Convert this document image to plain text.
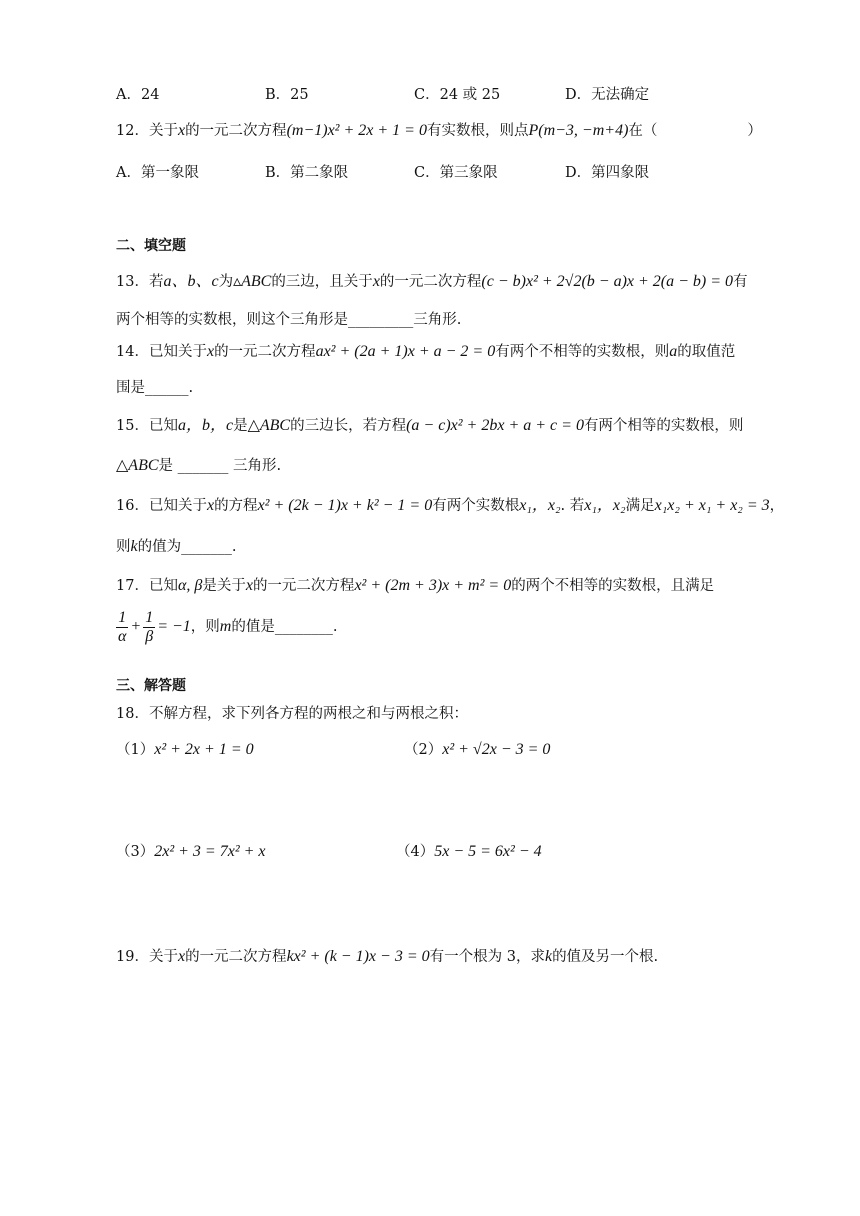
A．24	B．25	C．24 或 25	D．无法确定
12．关于x的一元二次方程(m−1)x² + 2x + 1 = 0有实数根，则点P(m−3, −m+4)在（	）
A．第一象限	B．第二象限	C．第三象限	D．第四象限
二、填空题
13．若a、b、c为▵ABC的三边，且关于x的一元二次方程(c − b)x² + 2√2(b − a)x + 2(a − b) = 0有
两个相等的实数根，则这个三角形是_________三角形.
14．已知关于x的一元二次方程ax² + (2a + 1)x + a − 2 = 0有两个不相等的实数根，则a的取值范
围是______.
15．已知a，b，c是△ABC的三边长，若方程(a − c)x² + 2bx + a + c = 0有两个相等的实数根，则
△ABC是 _______ 三角形.
16．已知关于x的方程x² + (2k − 1)x + k² − 1 = 0有两个实数根x₁，x₂. 若x₁，x₂满足x₁x₂ + x₁ + x₂ = 3，
则k的值为_______.
17．已知α, β是关于x的一元二次方程x² + (2m + 3)x + m² = 0的两个不相等的实数根，且满足
$\frac{1}{\alpha} + \frac{1}{\beta} = -1$，则m的值是________.
三、解答题
18．不解方程，求下列各方程的两根之和与两根之积：
（1）x² + 2x + 1 = 0	（2）x² + √2x − 3 = 0
（3）2x² + 3 = 7x² + x	（4）5x − 5 = 6x² − 4
19．关于x的一元二次方程kx² + (k − 1)x − 3 = 0有一个根为 3，求k的值及另一个根.
